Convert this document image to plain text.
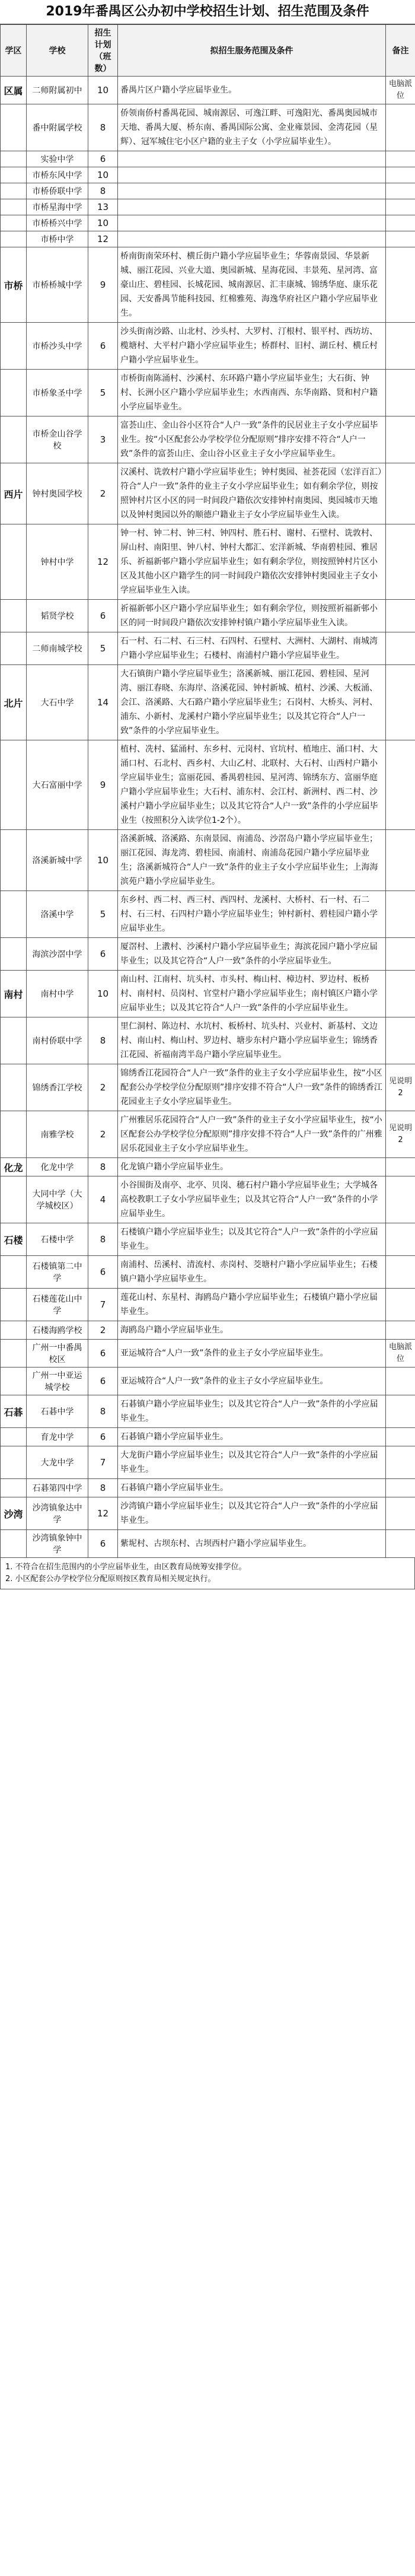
2019年番禺区公办初中学校招生计划、招生范围及条件
学区	学校	招生计划（班数）	拟招生服务范围及条件	备注
区属	二师附属初中	10	番禺片区户籍小学应届毕业生。	电脑派位
	番中附属学校	8	侨领南侨村番禺花园、城南源居、可逸江畔、可逸阳光、番禺奥园城市天地、番禺大厦、桥东南、番禺国际公寓、金业雍景园、金湾花园（星辉）、冠军城住宅小区户籍的业主子女（小学应届毕业生）。	
	实验中学	6		
	市桥东风中学	10		
	市桥侨联中学	8		
	市桥星海中学	13		
	市桥桥兴中学	10		
	市桥中学	12		
市桥	市桥桥城中学	9	桥南街南荣环村、横丘街户籍小学应届毕业生；华蓉南景园、华景新城、丽江花园、兴业大道、奥园新城、星海花园、丰景苑、星河湾、富豪山庄、碧桂园、长城花园、城南源居、汇丰康城、锦绣华庭、康乐花园、天安番禺节能科技园、红棉雅苑、海逸华府社区户籍小学应届毕业生。	
	市桥沙头中学	6	沙头街南沙路、山北村、沙头村、大罗村、汀根村、银平村、西坊坊、榄塘村、大平村户籍小学应届毕业生；桥群村、旧村、湖丘村、横丘村户籍小学应届毕业生。	
	市桥象圣中学	5	市桥街南陈涌村、沙溪村、东环路户籍小学应届毕业生；大石街、钟村、长洲小区户籍小学应届毕业生；水西南西、东华南路、贤和村户籍小学应届毕业生。	
	市桥金山谷学校	3	富荟山庄、金山谷小区符合“人户一致”条件的民居业主子女小学应届毕业生。按“小区配套公办学校学位分配原则”排序安排不符合“人户一致”条件的富荟山庄、金山谷小区业主子女小学应届毕业生。	
西片	钟村奥园学校	2	汉溪村、诜敦村户籍小学应届毕业生；钟村奥园、祉荟花园（宏洋百汇）符合“人户一致”条件的业主子女小学应届毕业生；如有剩余学位，则按照钟村片区小区的同一时间段户籍依次安排钟村南奥园、奥园城市天地以及钟村奥园以外的顺德户籍业主子女小学应届毕业生入读。	
	钟村中学	12	钟一村、钟二村、钟三村、钟四村、胜石村、谢村、石壁村、诜敦村、屏山村、南阳里、钟八村、钟村大都汇、宏洋新城、华南碧桂园、雅居乐、祈福新邨户籍小学应届毕业生；如有剩余学位，则按照钟村片区小区及其他小区户籍学生的同一时间段户籍依次安排钟村奥园业主子女小学应届毕业生入读。	
	韬贤学校	6	祈福新邨小区户籍小学应届毕业生；如有剩余学位，则按照祈福新邨小区的同一时间段户籍依次安排钟村镇户籍小学应届毕业生入读。	
	二师南城学校	5	石一村、石二村、石三村、石四村、石壁村、大洲村、大湖村、南城湾户籍小学应届毕业生；石楼村、南浦村户籍小学应届毕业生。	
北片	大石中学	14	大石镇街户籍小学应届毕业生；洛溪新城、丽江花园、碧桂园、星河湾、丽江春晓、东海岸、洛溪花园、钟村新城、植村、沙溪、大板涌、会江、洛溪路、大石路户籍小学应届毕业生；石岗村、大桥头、河村、浦东、小新村、龙溪村户籍小学应届毕业生；以及其它符合“人户一致”条件的小学应届毕业生。	
	大石富丽中学	9	植村、冼村、猛涌村、东乡村、元岗村、官坑村、植地庄、涌口村、大涌口村、石北村、西乡村、大山乙村、北联村、大石村、山西村户籍小学应届毕业生；富丽花园、番禺碧桂园、星河湾、锦绣东方、富丽华庭户籍小学应届毕业生；大石村、浦东村、会江村、新洲村、西二村、沙溪村户籍小学应届毕业生；以及其它符合“人户一致”条件的小学应届毕业生（按照积分入读学位1-2个）。	
	洛溪新城中学	10	洛溪新城、洛溪路、东南景园、南浦岛、沙滘岛户籍小学应届毕业生；丽江花园、海龙湾、碧桂园、南浦村、南浦岛花园户籍小学应届毕业生；洛溪新城符合“人户一致”条件的业主子女小学应届毕业生；上海海滨苑户籍小学应届毕业生。	
	洛溪中学	5	东乡村、西二村、西三村、西四村、龙溪村、大桥村、石一村、石二村、石三村、石四村户籍小学应届毕业生；钟村新村、碧桂园户籍小学应届毕业生。	
	海滨沙滘中学	6	厦滘村、上漖村、沙溪村户籍小学应届毕业生；海滨花园户籍小学应届毕业生；以及其它符合“人户一致”条件的小学应届毕业生。	
南村	南村中学	10	南山村、江南村、坑头村、市头村、梅山村、樟边村、罗边村、板桥村、南村村、员岗村、官堂村户籍小学应届毕业生；南村镇区户籍小学应届毕业生；以及其它符合“人户一致”条件的小学应届毕业生。	
	南村侨联中学	8	里仁洞村、陈边村、水坑村、板桥村、坑头村、兴业村、新基村、文边村、南山村、梅山村、罗边村、塘步东村户籍小学应届毕业生；锦绣香江花园、祈福南湾半岛户籍小学应届毕业生。	
	锦绣香江学校	2	锦绣香江花园符合“人户一致”条件的业主子女小学应届毕业生，按“小区配套公办学校学位分配原则”排序安排不符合“人户一致”条件的锦绣香江花园业主子女小学应届毕业生。	见说明2
	南雅学校	2	广州雅居乐花园符合“人户一致”条件的业主子女小学应届毕业生，按“小区配套公办学校学位分配原则”排序安排不符合“人户一致”条件的广州雅居乐花园业主子女小学应届毕业生。	见说明2
化龙	化龙中学	8	化龙镇户籍小学应届毕业生。	
	大同中学（大学城校区）	4	小谷围街及南亭、北亭、贝岗、穗石村户籍小学应届毕业生；大学城各高校教职工子女小学应届毕业生；以及其它符合“人户一致”条件的小学应届毕业生。	
石楼	石楼中学	8	石楼镇户籍小学应届毕业生；以及其它符合“人户一致”条件的小学应届毕业生。	
	石楼镇第二中学	6	南浦村、岳溪村、清流村、赤岗村、茭塘村户籍小学应届毕业生；石楼镇户籍小学应届毕业生。	
	石楼莲花山中学	7	莲花山村、东星村、海鸥岛户籍小学应届毕业生；石楼镇户籍小学应届毕业生。	
	石楼海鸥学校	2	海鸥岛户籍小学应届毕业生。	
	广州一中番禺校区	6	亚运城符合“人户一致”条件的业主子女小学应届毕业生。	电脑派位
	广州一中亚运城学校	6	亚运城符合“人户一致”条件的业主子女小学应届毕业生。	
石碁	石碁中学	8	石碁镇户籍小学应届毕业生；以及其它符合“人户一致”条件的小学应届毕业生。	
	育龙中学	6	石碁镇户籍小学应届毕业生。	
	大龙中学	7	大龙街户籍小学应届毕业生；以及其它符合“人户一致”条件的小学应届毕业生。	
	石碁第四中学	8	石碁镇户籍小学应届毕业生。	
沙湾	沙湾镇象达中学	12	沙湾镇户籍小学应届毕业生；以及其它符合“人户一致”条件的小学应届毕业生。	
	沙湾镇象钟中学	6	紫坭村、古坝东村、古坝西村户籍小学应届毕业生。	

1. 不符合在招生范围内的小学应届毕业生，由区教育局统筹安排学位。

2. 小区配套公办学校学位分配原则按区教育局相关规定执行。
